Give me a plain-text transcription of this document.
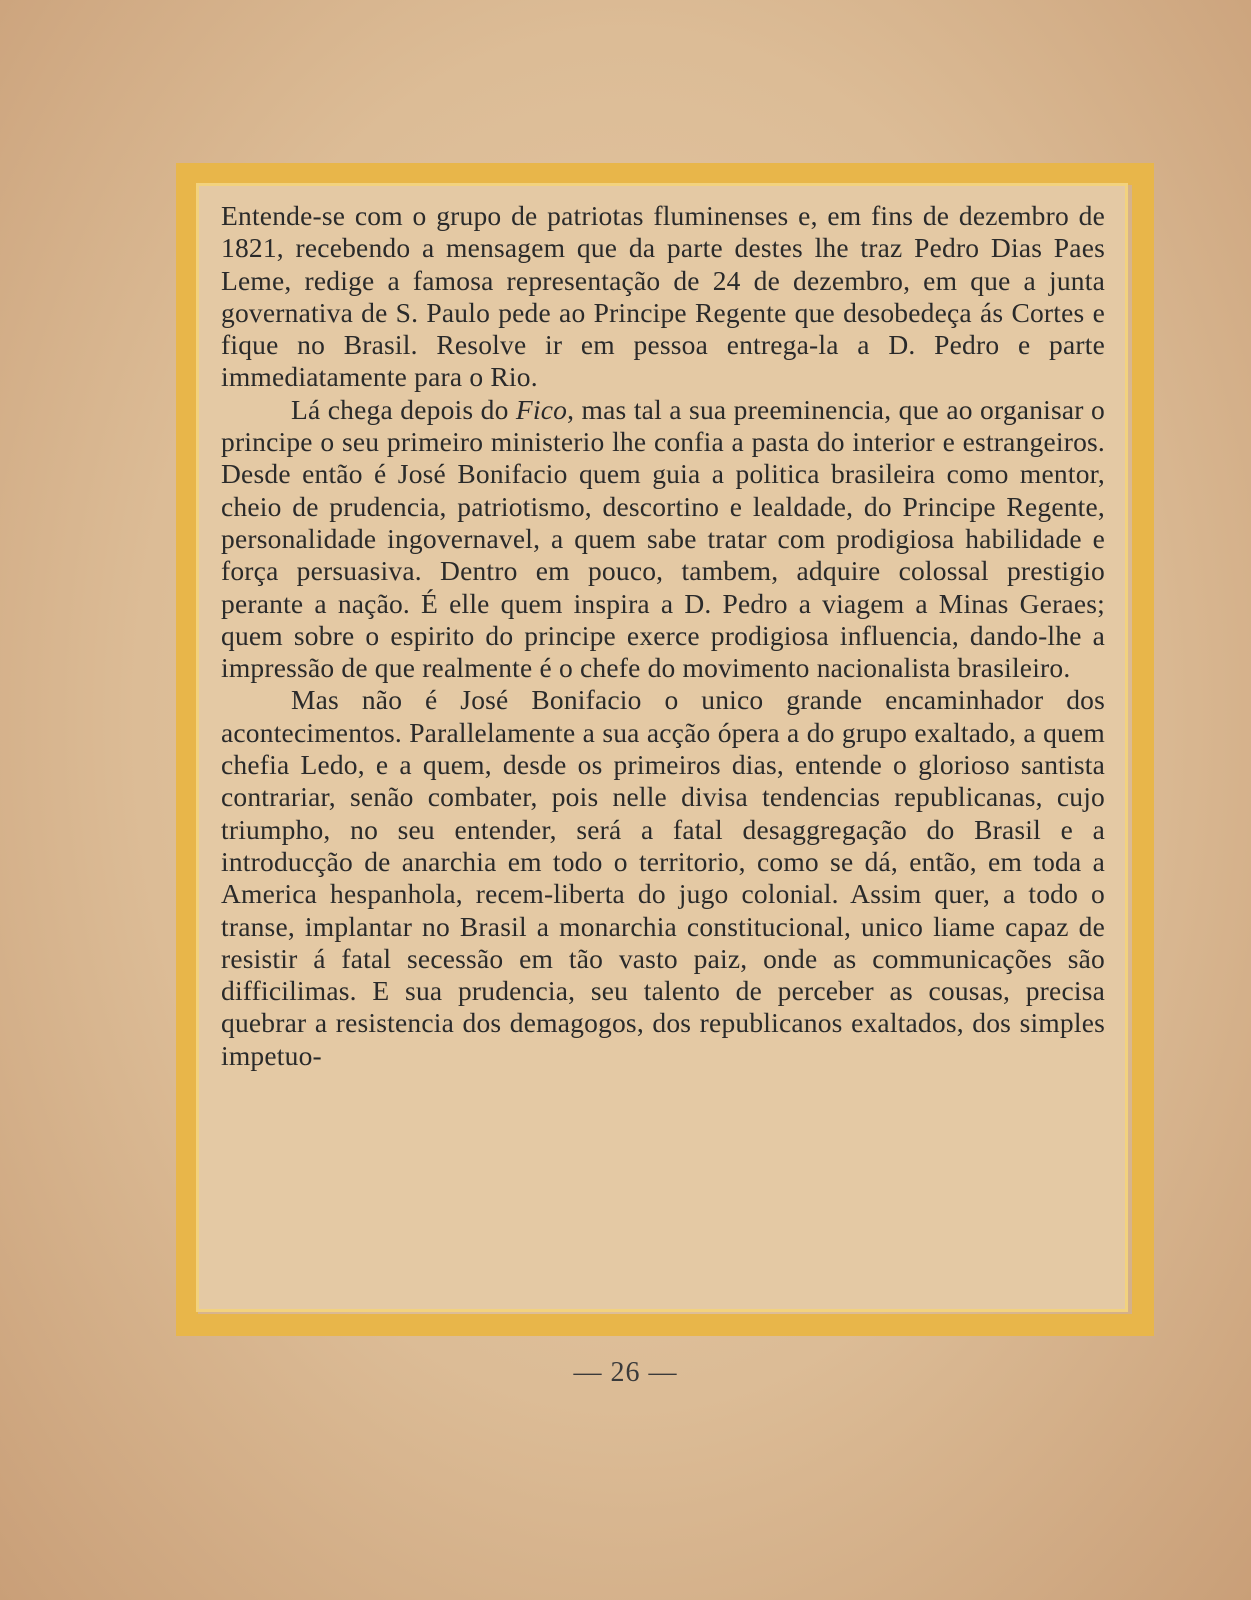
Entende-se com o grupo de patriotas fluminenses e, em fins de dezembro de 1821, recebendo a mensagem que da parte destes lhe traz Pedro Dias Paes Leme, redige a famosa representação de 24 de dezembro, em que a junta governativa de S. Paulo pede ao Principe Regente que desobedeça ás Cortes e fique no Brasil. Resolve ir em pessoa entrega-la a D. Pedro e parte immediatamente para o Rio.

Lá chega depois do Fico, mas tal a sua preeminencia, que ao organisar o principe o seu primeiro ministerio lhe confia a pasta do interior e estrangeiros. Desde então é José Bonifacio quem guia a politica brasileira como mentor, cheio de prudencia, patriotismo, descortino e lealdade, do Principe Regente, personalidade ingovernavel, a quem sabe tratar com prodigiosa habilidade e força persuasiva. Dentro em pouco, tambem, adquire colossal prestigio perante a nação. É elle quem inspira a D. Pedro a viagem a Minas Geraes; quem sobre o espirito do principe exerce prodigiosa influencia, dando-lhe a impressão de que realmente é o chefe do movimento nacionalista brasileiro.

Mas não é José Bonifacio o unico grande encaminhador dos acontecimentos. Parallelamente a sua acção ópera a do grupo exaltado, a quem chefia Ledo, e a quem, desde os primeiros dias, entende o glorioso santista contrariar, senão combater, pois nelle divisa tendencias republicanas, cujo triumpho, no seu entender, será a fatal desaggregação do Brasil e a introducção de anarchia em todo o territorio, como se dá, então, em toda a America hespanhola, recem-liberta do jugo colonial. Assim quer, a todo o transe, implantar no Brasil a monarchia constitucional, unico liame capaz de resistir á fatal secessão em tão vasto paiz, onde as communicações são difficilimas. E sua prudencia, seu talento de perceber as cousas, precisa quebrar a resistencia dos demagogos, dos republicanos exaltados, dos simples impetuo-

— 26 —
